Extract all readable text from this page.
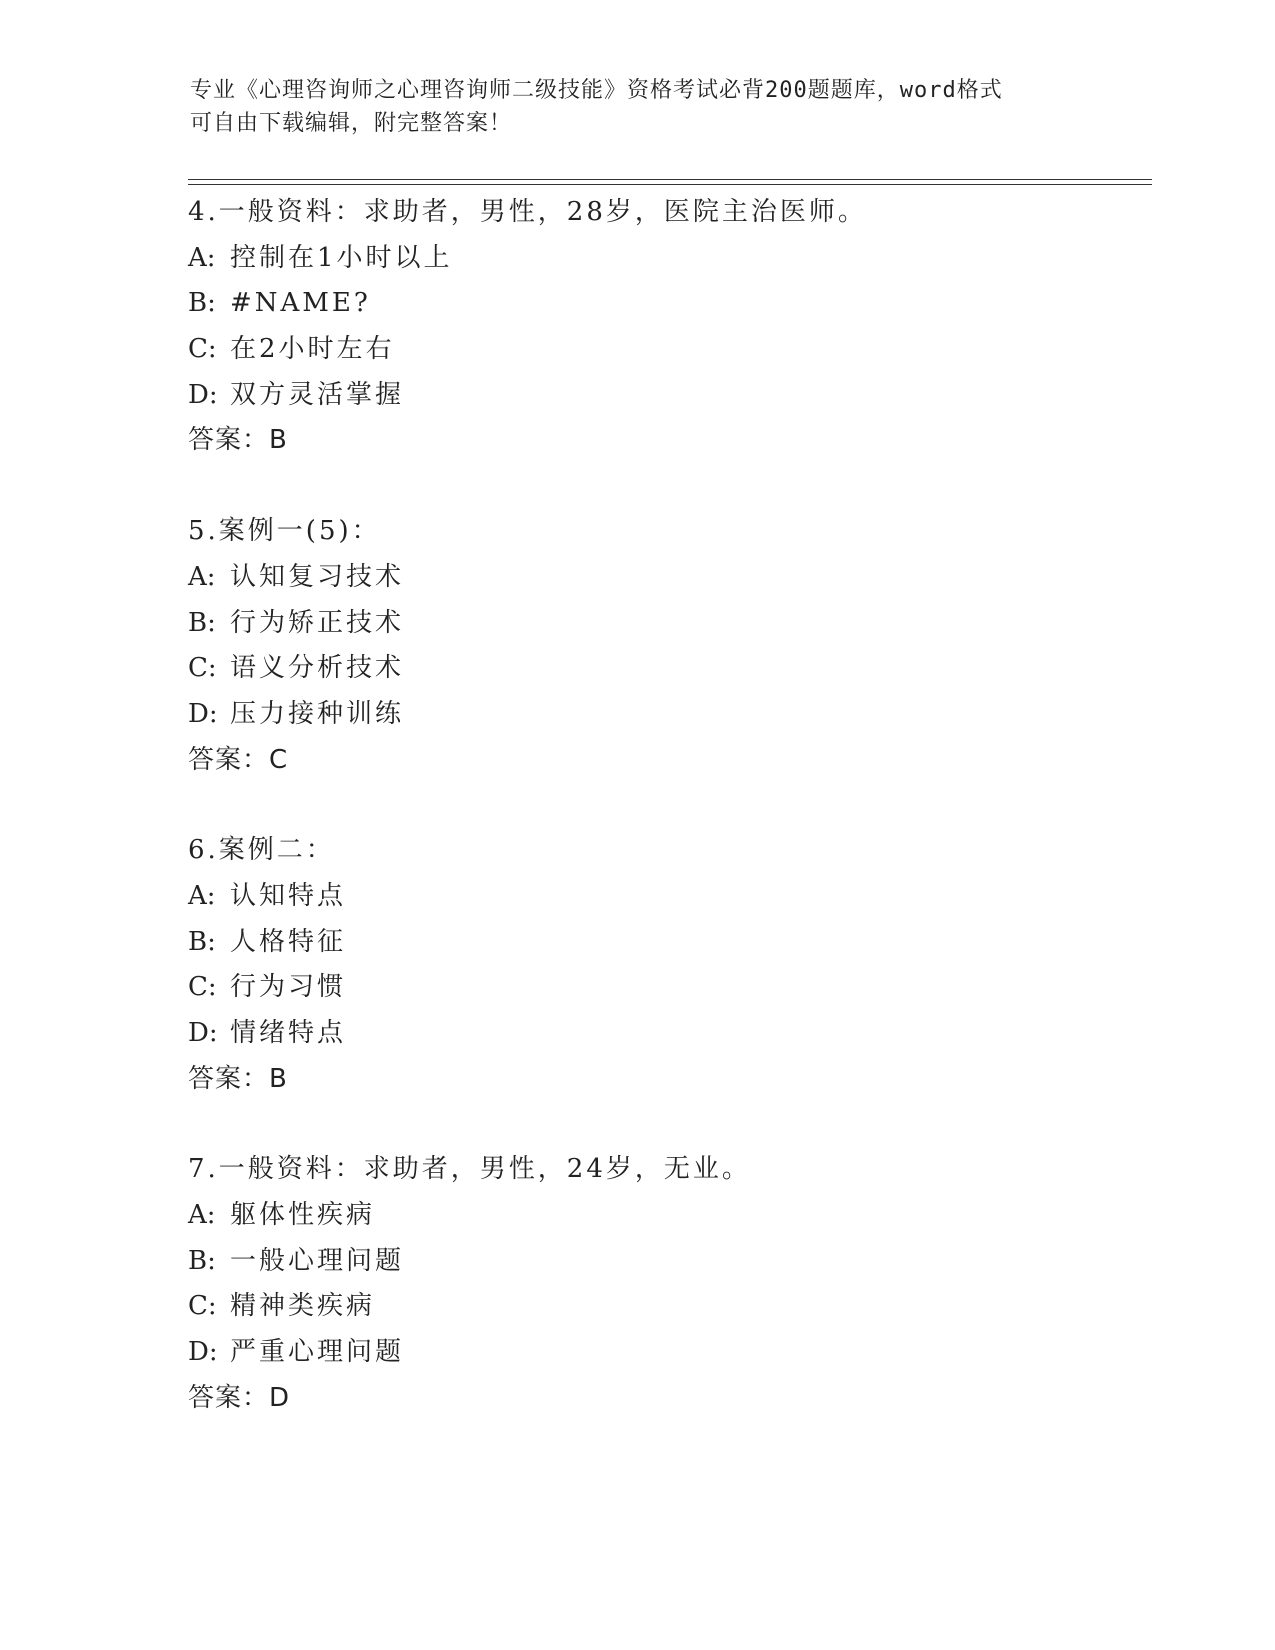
专业《心理咨询师之心理咨询师二级技能》资格考试必背200题题库，word格式
可自由下载编辑，附完整答案！
4.一般资料：求助者，男性，28岁，医院主治医师。
A: 控制在1小时以上
B: #NAME?
C: 在2小时左右
D: 双方灵活掌握
答案：B
5.案例一(5)：
A: 认知复习技术
B: 行为矫正技术
C: 语义分析技术
D: 压力接种训练
答案：C
6.案例二：
A: 认知特点
B: 人格特征
C: 行为习惯
D: 情绪特点
答案：B
7.一般资料：求助者，男性，24岁，无业。
A: 躯体性疾病
B: 一般心理问题
C: 精神类疾病
D: 严重心理问题
答案：D
